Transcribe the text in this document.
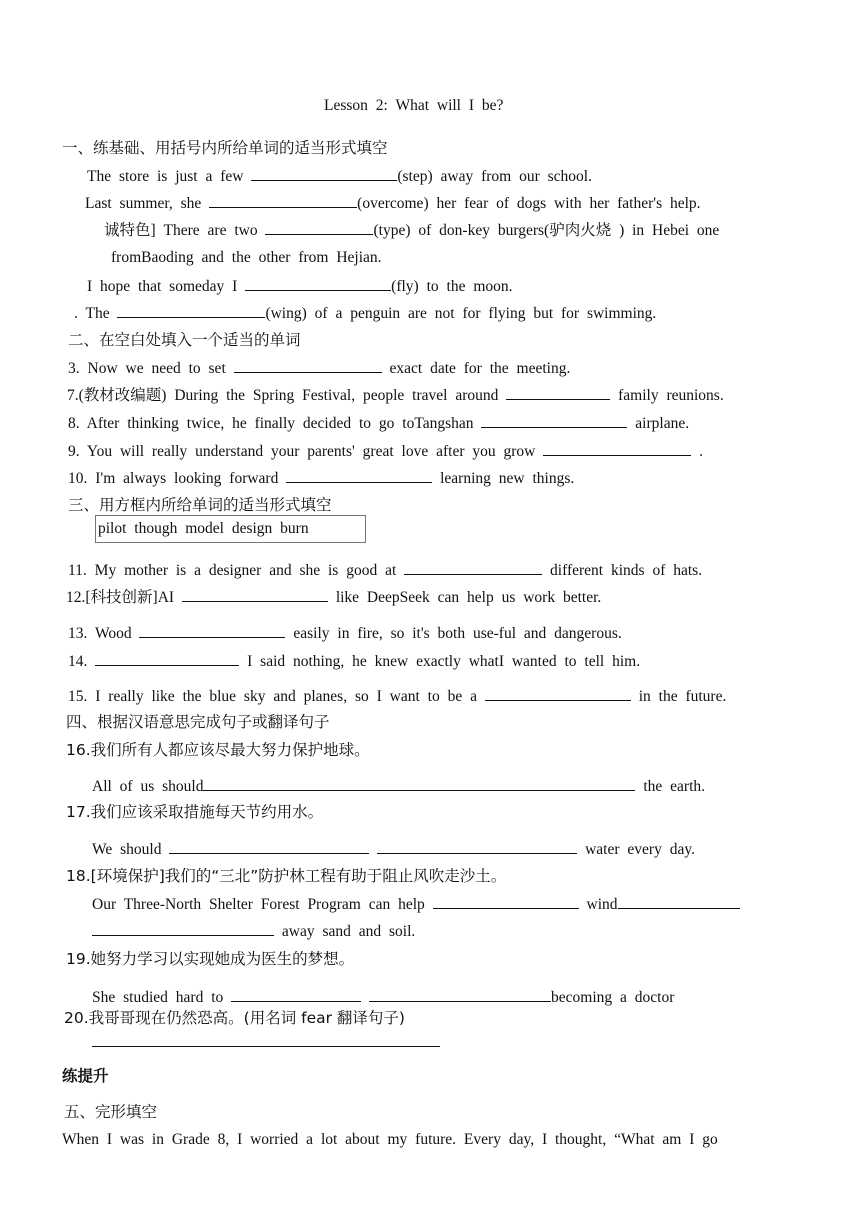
Lesson 2: What will I be?
一、练基础、用括号内所给单词的适当形式填空
The store is just a few	(step) away from our school.
Last summer, she	(overcome) her fear of dogs with her father's help.
诚特色] There are two	(type) of don-key burgers(驴肉火烧 ) in Hebei one
fromBaoding and the other from Hejian.
I hope that someday I	(fly) to the moon.
. The	(wing) of a penguin are not for flying but for swimming.
二、在空白处填入一个适当的单词
3. Now we need to set	exact date for the meeting.
7.(教材改编题) During the Spring Festival, people travel around	family reunions.
8. After thinking twice, he finally decided to go toTangshan	airplane.
9. You will really understand your parents' great love after you grow	.
10. I'm always looking forward	learning new things.
三、用方框内所给单词的适当形式填空
pilot though model design burn
11. My mother is a designer and she is good at	different kinds of hats.
12.[科技创新]AI	like DeepSeek can help us work better.
13. Wood	easily in fire, so it's both use-ful and dangerous.
14.	I said nothing, he knew exactly whatI wanted to tell him.
15. I really like the blue sky and planes, so I want to be a	in the future.
四、根据汉语意思完成句子或翻译句子
16.我们所有人都应该尽最大努力保护地球。
All of us should	the earth.
17.我们应该采取措施每天节约用水。
We should	water every day.
18.[环境保护]我们的“三北”防护林工程有助于阻止风吹走沙土。
Our Three-North Shelter Forest Program can help	wind
away sand and soil.
19.她努力学习以实现她成为医生的梦想。
She studied hard to	becoming a doctor
20.我哥哥现在仍然恐高。(用名词 fear 翻译句子)
练提升
五、完形填空
When I was in Grade 8, I worried a lot about my future. Every day, I thought, “What am I go
